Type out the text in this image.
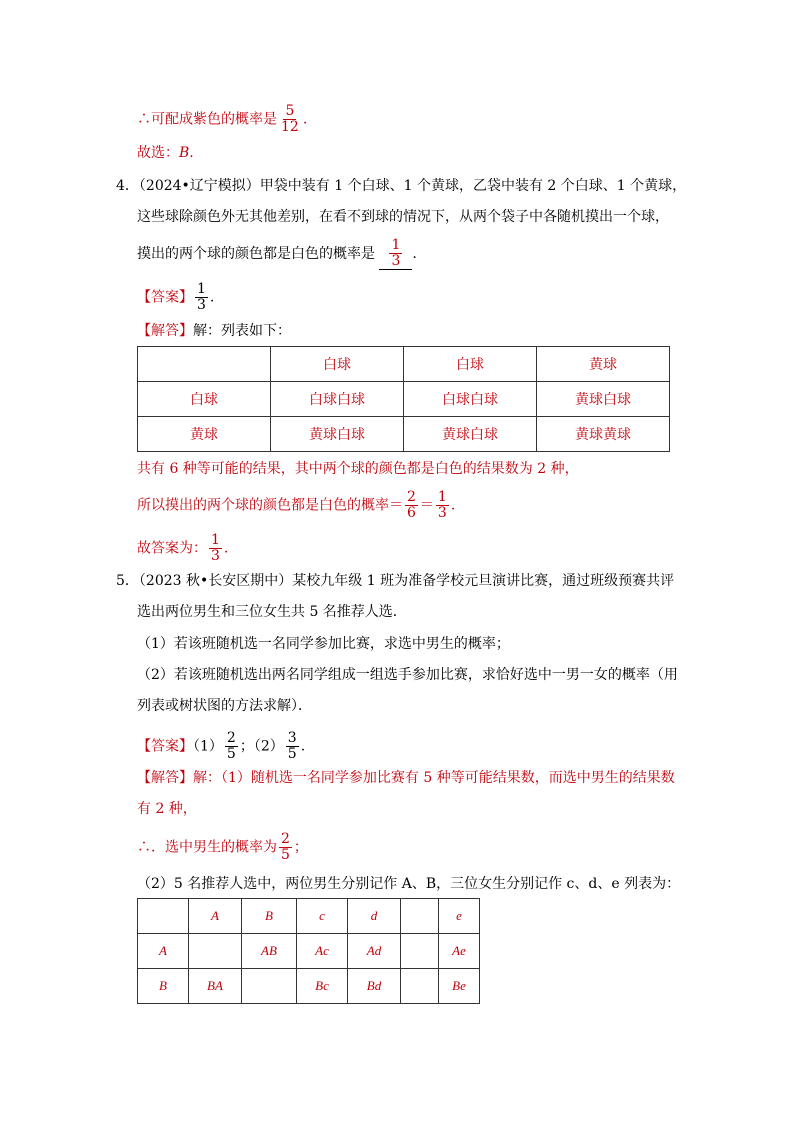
∴可配成紫色的概率是 $\frac{5}{12}$ .
故选：B.
4．（2024•辽宁模拟）甲袋中装有 1 个白球、1 个黄球，乙袋中装有 2 个白球、1 个黄球，
这些球除颜色外无其他差别，在看不到球的情况下，从两个袋子中各随机摸出一个球，
摸出的两个球的颜色都是白色的概率是 $\frac{1}{3}$ .
【答案】 $\frac{1}{3}$ .
【解答】解：列表如下：
	白球	白球	黄球
白球	白球白球	白球白球	黄球白球
黄球	黄球白球	黄球白球	黄球黄球
共有 6 种等可能的结果，其中两个球的颜色都是白色的结果数为 2 种，
所以摸出的两个球的颜色都是白色的概率＝ $\frac{2}{6} = \frac{1}{3}$ .
故答案为： $\frac{1}{3}$ .
5．（2023 秋•长安区期中）某校九年级 1 班为准备学校元旦演讲比赛，通过班级预赛共评
选出两位男生和三位女生共 5 名推荐人选．
（1）若该班随机选一名同学参加比赛，求选中男生的概率；
（2）若该班随机选出两名同学组成一组选手参加比赛，求恰好选中一男一女的概率（用
列表或树状图的方法求解）．
【答案】$(1) \frac{2}{5}$ ；$(2) \frac{3}{5}$ .
【解答】解：（1）随机选一名同学参加比赛有 5 种等可能结果数，而选中男生的结果数
有 2 种，
∴．选中男生的概率为 $\frac{2}{5}$ ；
（2）5 名推荐人选中，两位男生分别记作 A、B，三位女生分别记作 c、d、e 列表为：
	A	B	c	d		e
A		AB	Ac	Ad		Ae
B	BA		Bc	Bd		Be
